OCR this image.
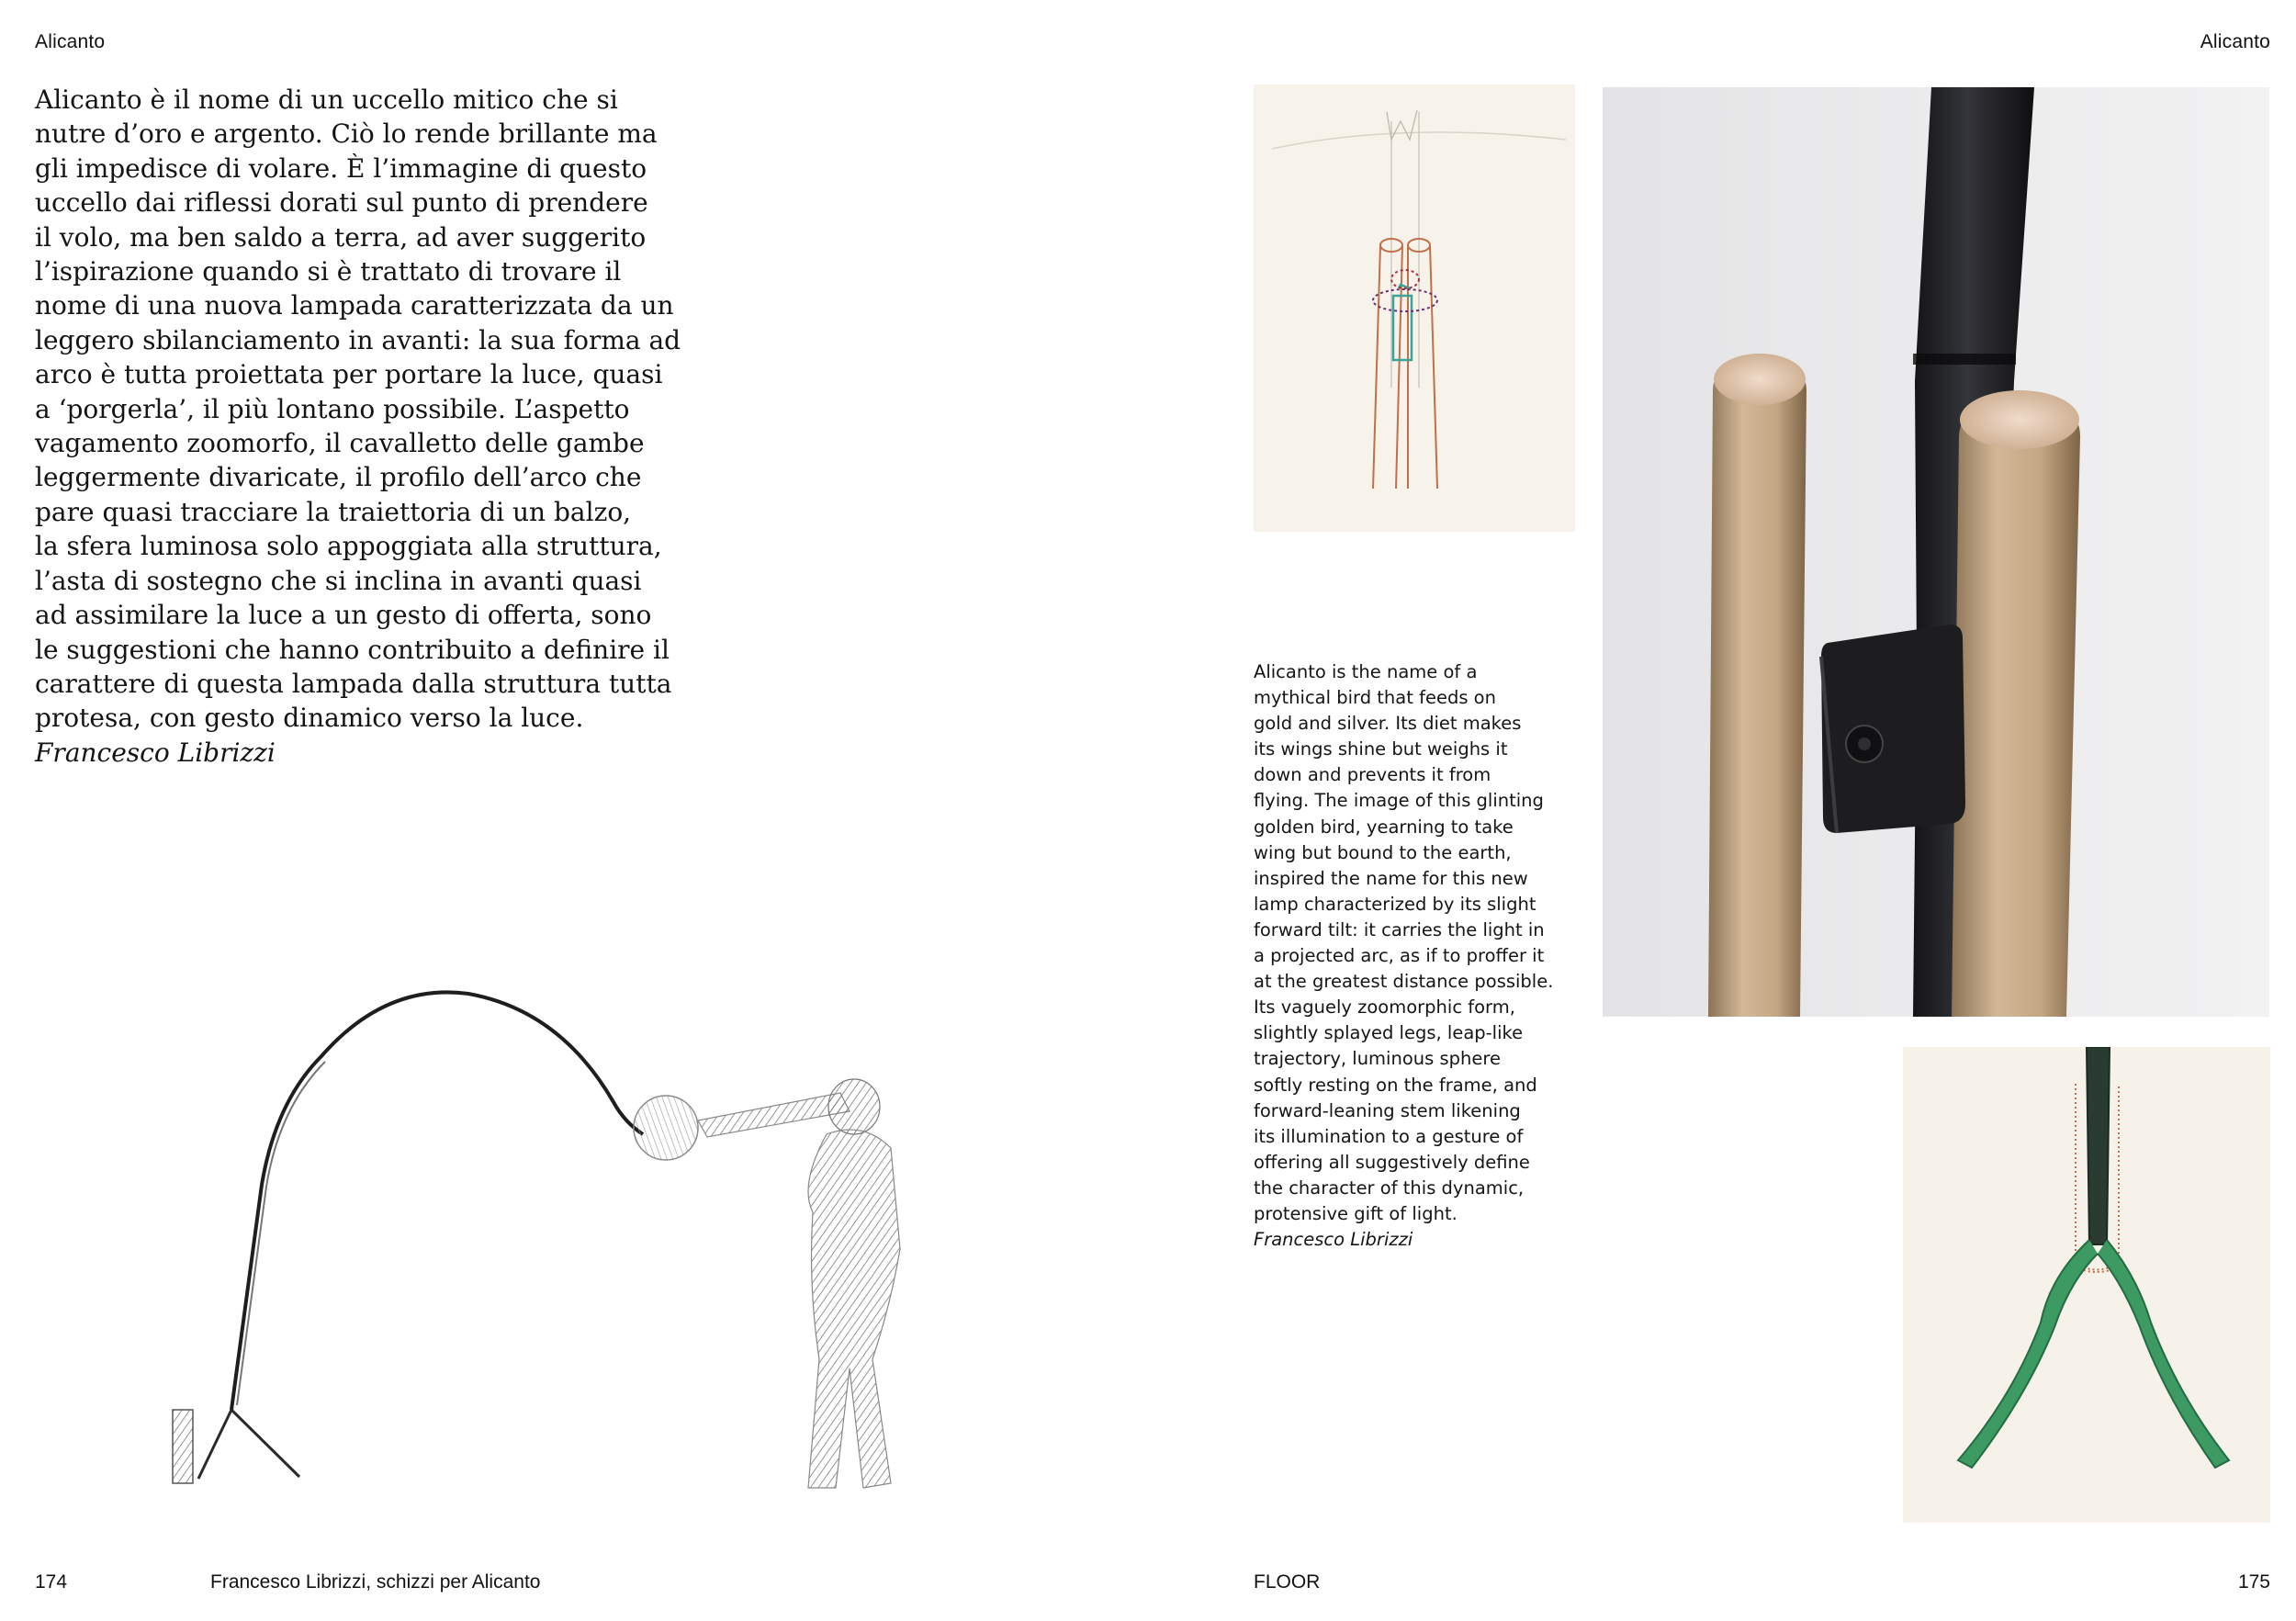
Alicanto	Alicanto

Alicanto è il nome di un uccello mitico che si
nutre d’oro e argento. Ciò lo rende brillante ma
gli impedisce di volare. È l’immagine di questo
uccello dai riflessi dorati sul punto di prendere
il volo, ma ben saldo a terra, ad aver suggerito
l’ispirazione quando si è trattato di trovare il
nome di una nuova lampada caratterizzata da un
leggero sbilanciamento in avanti: la sua forma ad
arco è tutta proiettata per portare la luce, quasi
a ‘porgerla’, il più lontano possibile. L’aspetto
vagamento zoomorfo, il cavalletto delle gambe
leggermente divaricate, il profilo dell’arco che
pare quasi tracciare la traiettoria di un balzo,
la sfera luminosa solo appoggiata alla struttura,
l’asta di sostegno che si inclina in avanti quasi
ad assimilare la luce a un gesto di offerta, sono
le suggestioni che hanno contribuito a definire il
carattere di questa lampada dalla struttura tutta
protesa, con gesto dinamico verso la luce.

Francesco Librizzi

174	Francesco Librizzi, schizzi per Alicanto

Alicanto is the name of a
mythical bird that feeds on
gold and silver. Its diet makes
its wings shine but weighs it
down and prevents it from
flying. The image of this glinting
golden bird, yearning to take
wing but bound to the earth,
inspired the name for this new
lamp characterized by its slight
forward tilt: it carries the light in
a projected arc, as if to proffer it
at the greatest distance possible.
Its vaguely zoomorphic form,
slightly splayed legs, leap-like
trajectory, luminous sphere
softly resting on the frame, and
forward-leaning stem likening
its illumination to a gesture of
offering all suggestively define
the character of this dynamic,
protensive gift of light.

Francesco Librizzi

FLOOR	175
